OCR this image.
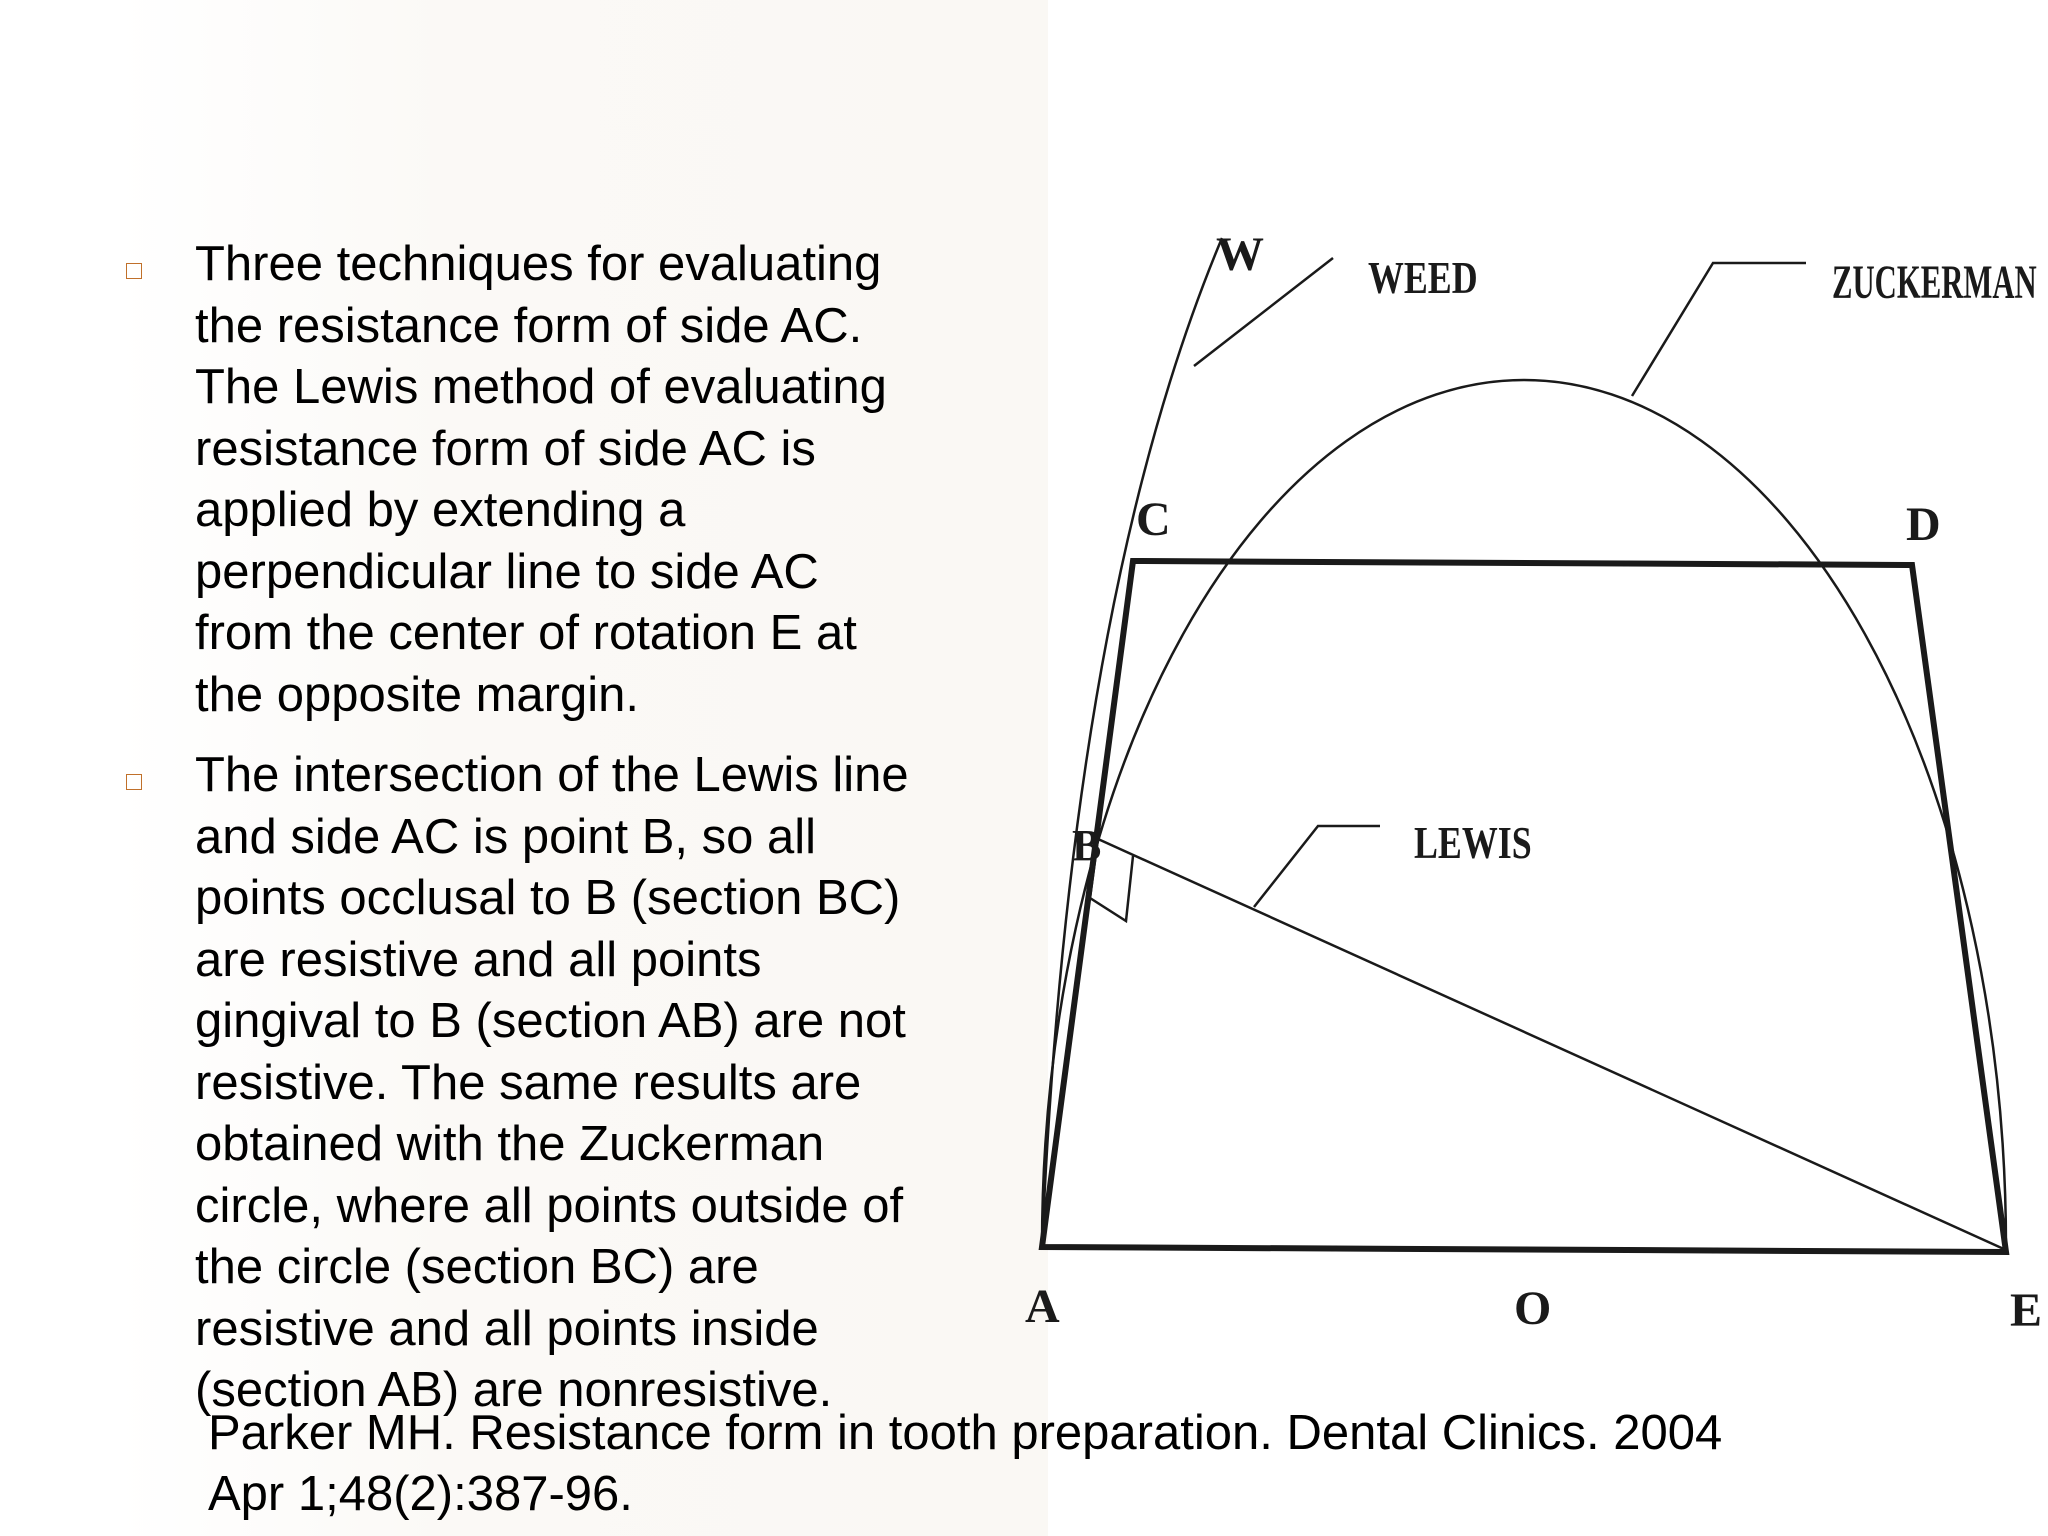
Three techniques for evaluating
the resistance form of side AC.
The Lewis method of evaluating
resistance form of side AC is
applied by extending a
perpendicular line to side AC
from the center of rotation E at
the opposite margin.

The intersection of the Lewis line
and side AC is point B, so all
points occlusal to B (section BC)
are resistive and all points
gingival to B (section AB) are not
resistive. The same results are
obtained with the Zuckerman
circle, where all points outside of
the circle (section BC) are
resistive and all points inside
(section AB) are nonresistive.

W WEED	ZUCKERMAN
C	D
B	LEWIS
A	O	E

Parker MH. Resistance form in tooth preparation. Dental Clinics. 2004
Apr 1;48(2):387-96.
